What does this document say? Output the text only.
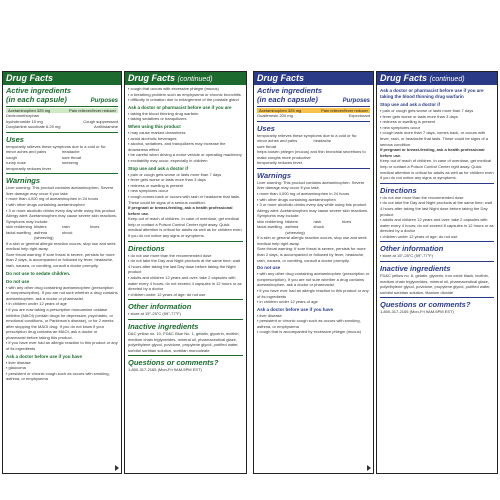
Drug Facts
Active ingredients
(in each capsule)	Purposes
Acetaminophen 325 mg	Pain reliever/fever reducer
Dextromethorphan
hydrobromide 10 mg	Cough suppressant
Doxylamine succinate 6.25 mg	Antihistamine
Uses
temporarily relieves these symptoms due to a cold or flu:
minor aches and pains	headache
cough	sore throat
runny nose	sneezing
temporarily reduces fever
Warnings
Liver warning: This product contains acetaminophen. Severe liver damage may occur if you take
▪ more than 4,000 mg of acetaminophen in 24 hours
▪ with other drugs containing acetaminophen
▪ 3 or more alcoholic drinks every day while using this product
Allergy alert: Acetaminophen may cause severe skin reactions. Symptoms may include:
skin reddening blisters	rash	hives
facial swelling asthma (wheezing)
shock
If a skin or general allergic reaction occurs, stop use and seek medical help right away.
Sore throat warning: If sore throat is severe, persists for more than 2 days, is accompanied or followed by fever, headache, rash, nausea, or vomiting, consult a doctor promptly.
Do not use to sedate children.
Do not use
▪ with any other drug containing acetaminophen (prescription or nonprescription). If you are not sure whether a drug contains acetaminophen, ask a doctor or pharmacist.
▪ in children under 12 years of age
▪ if you are now taking a prescription monoamine oxidase inhibitor (MAOI) (certain drugs for depression, psychiatric, or emotional conditions, or Parkinson's disease), or for 2 weeks after stopping the MAOI drug. If you do not know if your prescription drug contains an MAOI, ask a doctor or pharmacist before taking this product.
▪ if you have ever had an allergic reaction to this product or any of its ingredients
Ask a doctor before use if you have
▪ liver disease
▪ glaucoma
▪ persistent or chronic cough such as occurs with smoking, asthma, or emphysema
Drug Facts (continued)
▪ cough that occurs with excessive phlegm (mucus)
▪ a breathing problem such as emphysema or chronic bronchitis
▪ difficulty in urination due to enlargement of the prostate gland
Ask a doctor or pharmacist before use if you are
▪ taking the blood thinning drug warfarin
▪ taking sedatives or tranquilizers
When using this product
▪ may cause marked drowsiness
▪ avoid alcoholic beverages
▪ alcohol, sedatives, and tranquilizers may increase the drowsiness effect
▪ be careful when driving a motor vehicle or operating machinery
▪ excitability may occur, especially in children
Stop use and ask a doctor if
▪ pain or cough gets worse or lasts more than 7 days
▪ fever gets worse or lasts more than 3 days
▪ redness or swelling is present
▪ new symptoms occur
▪ cough comes back or occurs with rash or headache that lasts. These could be signs of a serious condition.
If pregnant or breast-feeding, ask a health professional before use.
Keep out of reach of children. In case of overdose, get medical help or contact a Poison Control Center right away. Quick medical attention is critical for adults as well as for children even if you do not notice any signs or symptoms.
Directions
▪ do not use more than the recommended dose
▪ do not take the Day and Night products at the same time; wait 4 hours after taking the last Day dose before taking the Night product
▪ adults and children 12 years and over: take 2 capsules with water every 4 hours; do not exceed 4 capsules in 12 hours or as directed by a doctor
▪ children under 12 years of age: do not use
Other information
▪ store at 15°-25°C (59°-77°F)
Inactive ingredients
D&C yellow no. 10, FD&C Blue No. 1, gelatin, glycerin, lecithin, medium chain triglycerides, mineral oil, pharmaceutical glaze, polyethylene glycol, povidone, propylene glycol, purified water, sorbitol sorbitan solution, sorbitan monooleate
Questions or comments?
1-800-317-2165 (Mon-Fri 9AM-5PM EST)
Drug Facts
Active ingredients
(in each capsule)	Purposes
Acetaminophen 325 mg	Pain reliever/fever reducer
Guaifenesin 200 mg	Expectorant
Uses
temporarily relieves these symptoms due to a cold or flu:
minor aches and pains	headache
sore throat
helps loosen phlegm (mucus) and thin bronchial secretions to make coughs more productive
temporarily reduces fever
Warnings
Liver warning: This product contains acetaminophen. Severe liver damage may occur if you take
▪ more than 4,000 mg of acetaminophen in 24 hours
▪ with other drugs containing acetaminophen
▪ 3 or more alcoholic drinks every day while using this product
Allergy alert: Acetaminophen may cause severe skin reactions. Symptoms may include:
skin reddening blisters	rash	hives
facial swelling asthma (wheezing)
shock
If a skin or general allergic reaction occurs, stop use and seek medical help right away.
Sore throat warning: If sore throat is severe, persists for more than 2 days, is accompanied or followed by fever, headache, rash, nausea, or vomiting, consult a doctor promptly.
Do not use
▪ with any other drug containing acetaminophen (prescription or nonprescription). If you are not sure whether a drug contains acetaminophen, ask a doctor or pharmacist.
▪ if you have ever had an allergic reaction to this product or any of its ingredients
▪ in children under 12 years of age
Ask a doctor before use if you have
▪ liver disease
▪ persistent or chronic cough such as occurs with smoking, asthma, or emphysema
▪ cough that is accompanied by excessive phlegm (mucus)
Drug Facts (continued)
Ask a doctor or pharmacist before use if you are taking the blood thinning drug warfarin
Stop use and ask a doctor if
▪ pain or cough gets worse or lasts more than 7 days
▪ fever gets worse or lasts more than 3 days
▪ redness or swelling is present
▪ new symptoms occur
▪ cough lasts more than 7 days, comes back, or occurs with fever, rash, or headache that lasts. These could be signs of a serious condition.
If pregnant or breast-feeding, ask a health professional before use.
Keep out of reach of children. In case of overdose, get medical help or contact a Poison Control Center right away. Quick medical attention is critical for adults as well as for children even if you do not notice any signs or symptoms.
Directions
▪ do not use more than the recommended dose
▪ do not take the Day and Night products at the same time; wait 4 hours after taking the last Night dose before taking the Day product
▪ adults and children 12 years and over: take 2 capsules with water every 4 hours; do not exceed 8 capsules in 12 hours or as directed by a doctor
▪ children under 12 years of age: do not use
Other information
▪ store at 15°-25°C (59°-77°F)
Inactive ingredients
FD&C yellow no. 6, gelatin, glycerin, iron oxide black, lecithin, medium chain triglycerides, mineral oil, pharmaceutical glaze, polyethylene glycol, povidone, propylene glycol, purified water, sorbitol sorbitan solution, titanium dioxide
Questions or comments?
1-800-317-2165 (Mon-Fri 9AM-5PM EST)
